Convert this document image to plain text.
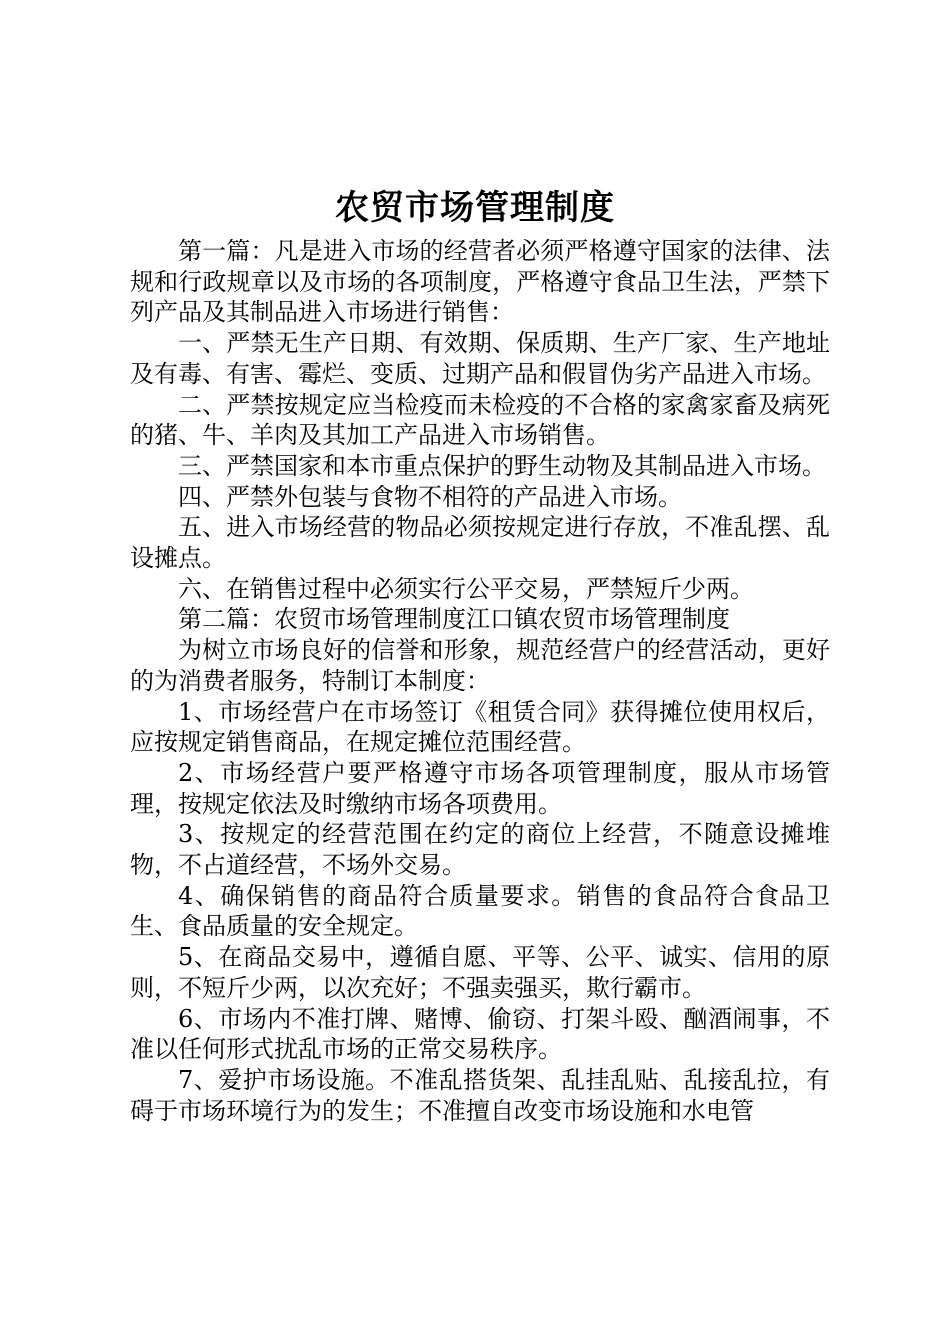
农贸市场管理制度

第一篇：凡是进入市场的经营者必须严格遵守国家的法律、法规和行政规章以及市场的各项制度，严格遵守食品卫生法，严禁下列产品及其制品进入市场进行销售：

一、严禁无生产日期、有效期、保质期、生产厂家、生产地址及有毒、有害、霉烂、变质、过期产品和假冒伪劣产品进入市场。

二、严禁按规定应当检疫而未检疫的不合格的家禽家畜及病死的猪、牛、羊肉及其加工产品进入市场销售。

三、严禁国家和本市重点保护的野生动物及其制品进入市场。

四、严禁外包装与食物不相符的产品进入市场。

五、进入市场经营的物品必须按规定进行存放，不准乱摆、乱设摊点。

六、在销售过程中必须实行公平交易，严禁短斤少两。

第二篇：农贸市场管理制度江口镇农贸市场管理制度

为树立市场良好的信誉和形象，规范经营户的经营活动，更好的为消费者服务，特制订本制度：

1、市场经营户在市场签订《租赁合同》获得摊位使用权后，应按规定销售商品，在规定摊位范围经营。

2、市场经营户要严格遵守市场各项管理制度，服从市场管理，按规定依法及时缴纳市场各项费用。

3、按规定的经营范围在约定的商位上经营，不随意设摊堆物，不占道经营，不场外交易。

4、确保销售的商品符合质量要求。销售的食品符合食品卫生、食品质量的安全规定。

5、在商品交易中，遵循自愿、平等、公平、诚实、信用的原则，不短斤少两，以次充好；不强卖强买，欺行霸市。

6、市场内不准打牌、赌博、偷窃、打架斗殴、酗酒闹事，不准以任何形式扰乱市场的正常交易秩序。

7、爱护市场设施。不准乱搭货架、乱挂乱贴、乱接乱拉，有碍于市场环境行为的发生；不准擅自改变市场设施和水电管
